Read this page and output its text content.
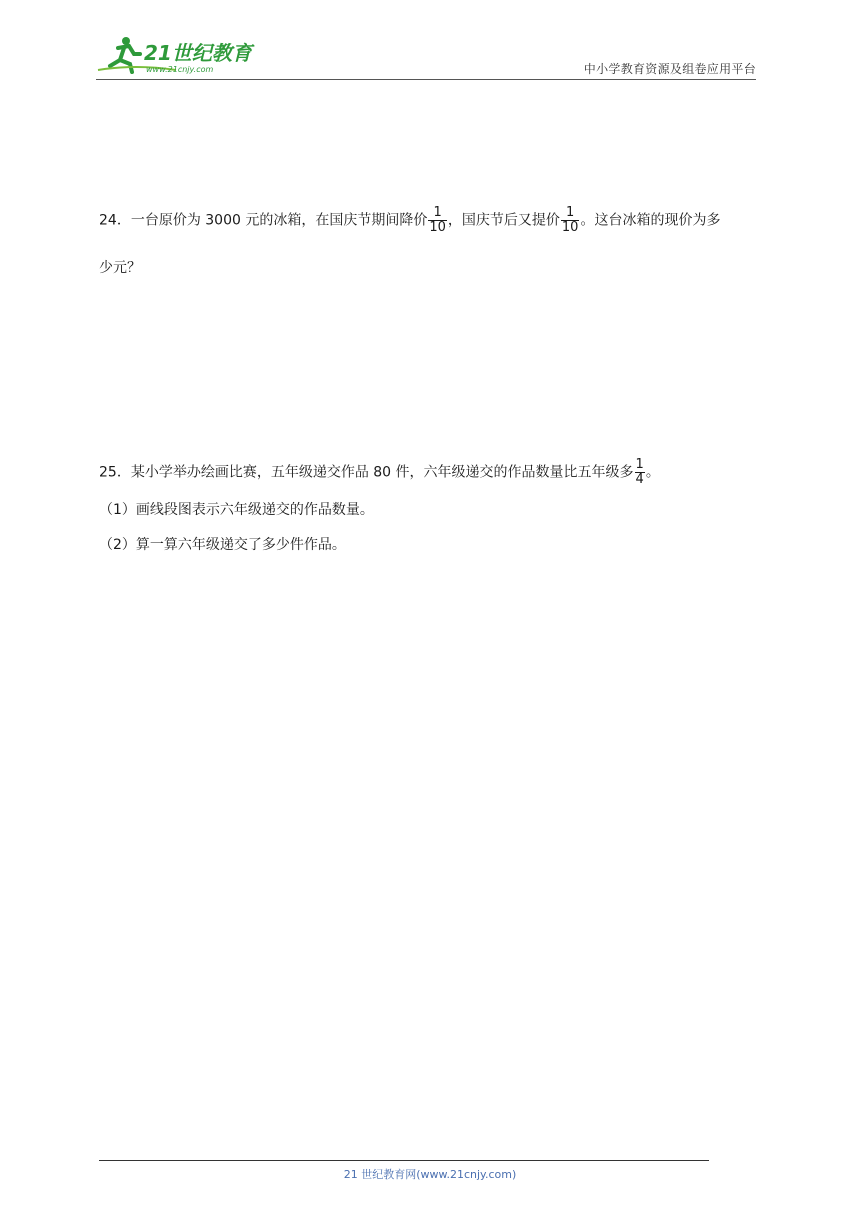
21世纪教育
www.21cnjy.com	中小学教育资源及组卷应用平台
24．一台原价为 3000 元的冰箱，在国庆节期间降价 $\frac{1}{10}$ ，国庆节后又提价 $\frac{1}{10}$ 。这台冰箱的现价为多
少元？
25．某小学举办绘画比赛，五年级递交作品 80 件，六年级递交的作品数量比五年级多 $\frac{1}{4}$ 。
（1）画线段图表示六年级递交的作品数量。
（2）算一算六年级递交了多少件作品。
21 世纪教育网(www.21cnjy.com)
